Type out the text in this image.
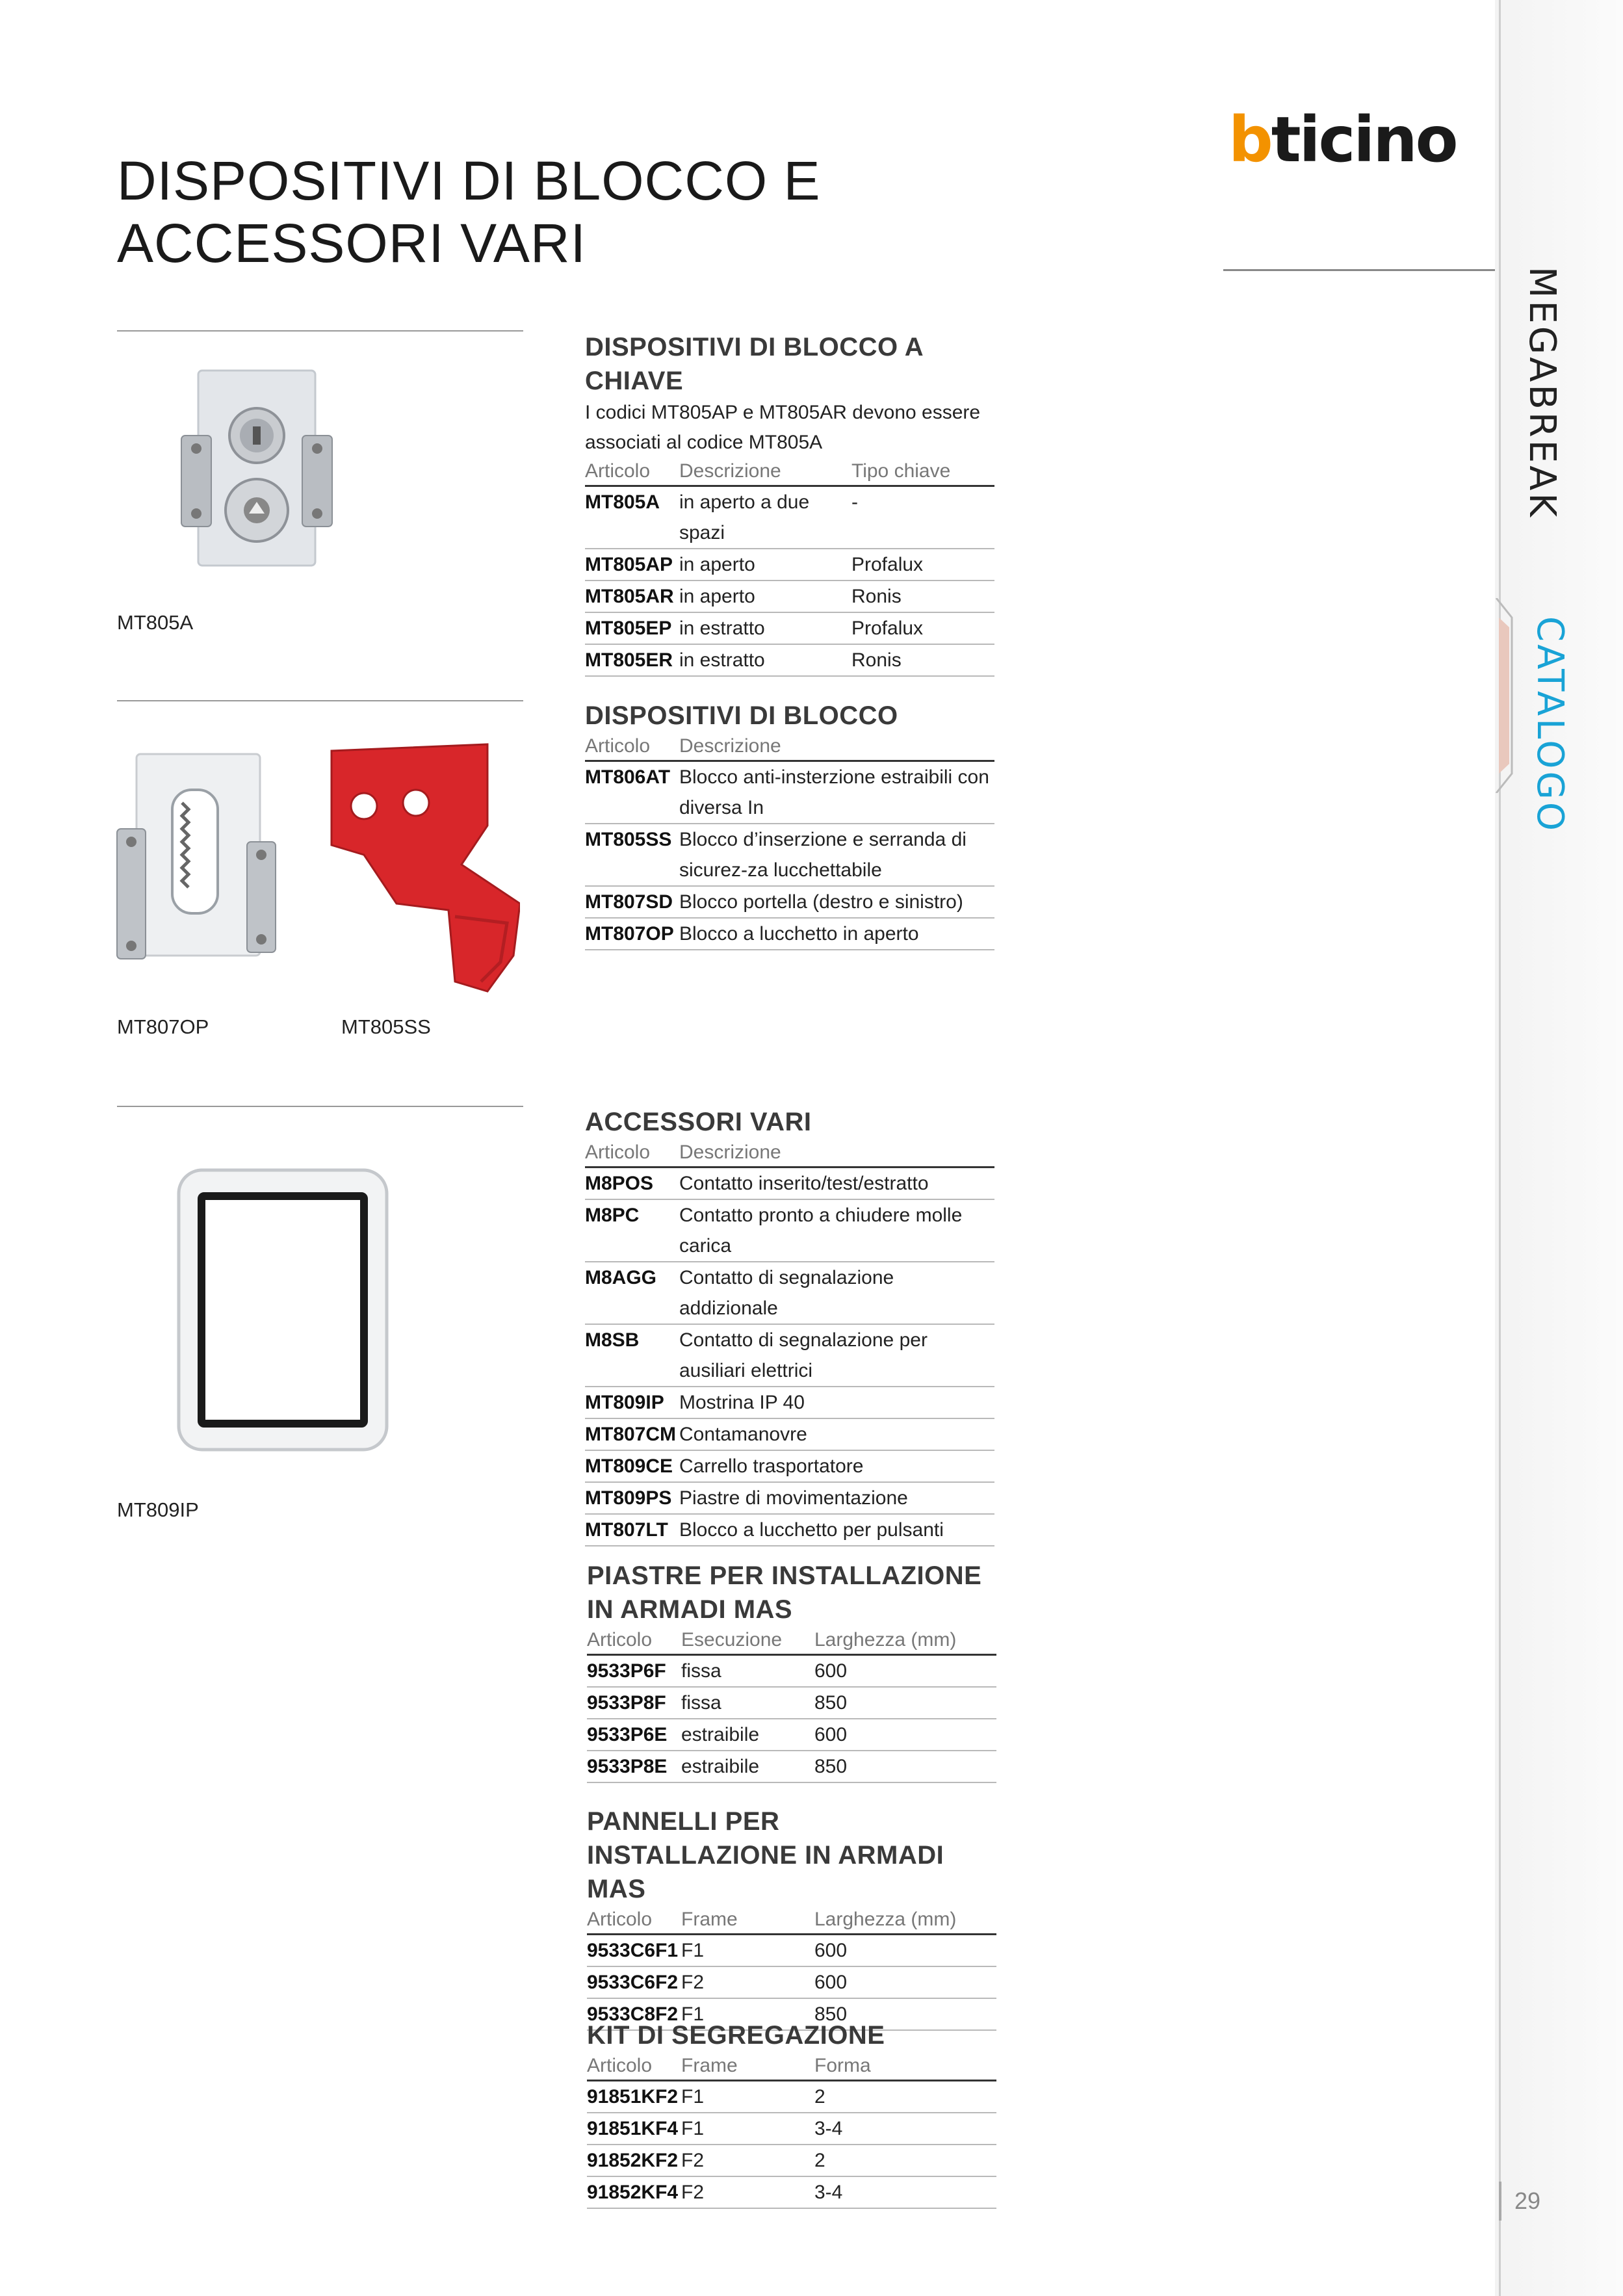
DISPOSITIVI DI BLOCCO E
ACCESSORI VARI
bticino
MEGABREAK
CATALOGO
29
MT805A
MT807OP	MT805SS
MT809IP
DISPOSITIVI DI BLOCCO A CHIAVE
I codici MT805AP e MT805AR devono essere associati al codice MT805A
Articolo	Descrizione	Tipo chiave
MT805A	in aperto a due spazi	-
MT805AP	in aperto	Profalux
MT805AR	in aperto	Ronis
MT805EP	in estratto	Profalux
MT805ER	in estratto	Ronis
DISPOSITIVI DI BLOCCO
Articolo	Descrizione
MT806AT	Blocco anti-insterzione estraibili con diversa In
MT805SS	Blocco d’inserzione e serranda di sicurez-za lucchettabile
MT807SD	Blocco portella (destro e sinistro)
MT807OP	Blocco a lucchetto in aperto
ACCESSORI VARI
Articolo	Descrizione
M8POS	Contatto inserito/test/estratto
M8PC	Contatto pronto a chiudere molle carica
M8AGG	Contatto di segnalazione addizionale
M8SB	Contatto di segnalazione per ausiliari elettrici
MT809IP	Mostrina IP 40
MT807CM	Contamanovre
MT809CE	Carrello trasportatore
MT809PS	Piastre di movimentazione
MT807LT	Blocco a lucchetto per pulsanti
PIASTRE PER INSTALLAZIONE IN ARMADI MAS
Articolo	Esecuzione	Larghezza (mm)
9533P6F	fissa	600
9533P8F	fissa	850
9533P6E	estraibile	600
9533P8E	estraibile	850
PANNELLI PER INSTALLAZIONE IN ARMADI MAS
Articolo	Frame	Larghezza (mm)
9533C6F1	F1	600
9533C6F2	F2	600
9533C8F2	F1	850
KIT DI SEGREGAZIONE
Articolo	Frame	Forma
91851KF2	F1	2
91851KF4	F1	3-4
91852KF2	F2	2
91852KF4	F2	3-4
